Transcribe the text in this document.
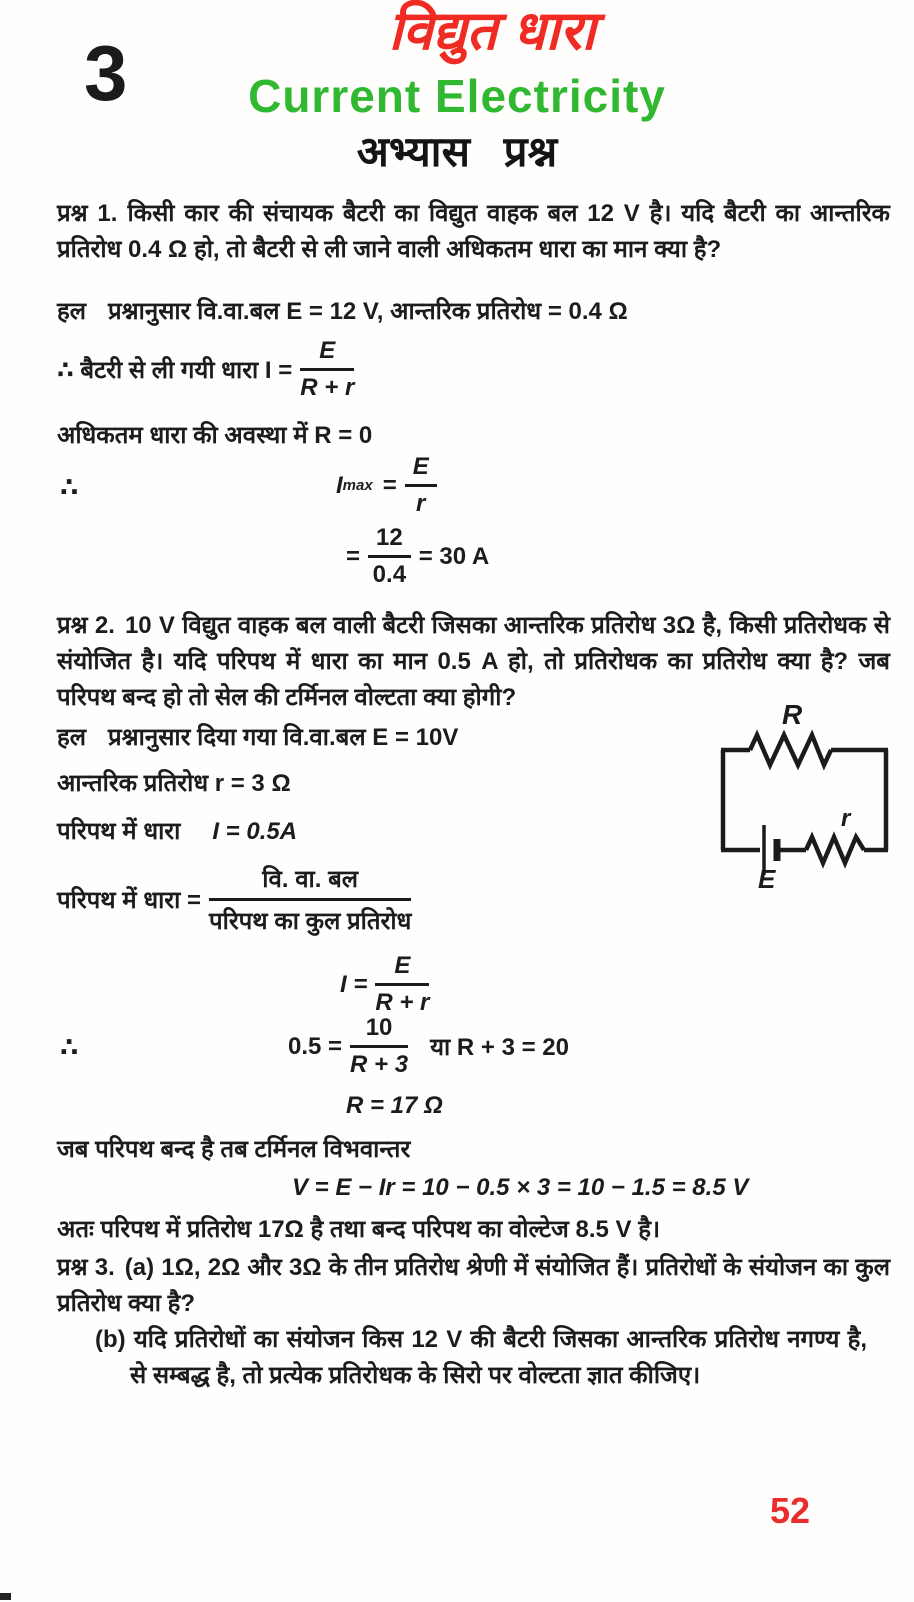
3	विद्युत धारा
Current Electricity
अभ्यास प्रश्न

प्रश्न 1. किसी कार की संचायक बैटरी का विद्युत वाहक बल 12 V है। यदि बैटरी का आन्तरिक प्रतिरोध 0.4 Ω हो, तो बैटरी से ली जाने वाली अधिकतम धारा का मान क्या है?

हल प्रश्नानुसार वि.वा.बल E = 12 V, आन्तरिक प्रतिरोध = 0.4 Ω

∴ बैटरी से ली गयी धारा $I = \frac{E}{R + r}$
अधिकतम धारा की अवस्था में R = 0
∴	I $\max = \frac{E}{r}$
= $\frac{12}{0.4} = 30$ A

प्रश्न 2. 10 V विद्युत वाहक बल वाली बैटरी जिसका आन्तरिक प्रतिरोध 3Ω है, किसी प्रतिरोधक से संयोजित है। यदि परिपथ में धारा का मान 0.5 A हो, तो प्रतिरोधक का प्रतिरोध क्या है? जब परिपथ बन्द हो तो सेल की टर्मिनल वोल्टता क्या होगी?

हल प्रश्नानुसार दिया गया वि.वा.बल E = 10V

आन्तरिक प्रतिरोध r = 3 Ω
परिपथ में धारा I = 0.5A
R
r
E
परिपथ में धारा = $\frac{\text{वि. वा. बल}}{\text{परिपथ का कुल प्रतिरोध}}$
$I = \frac{E}{R + r}$
∴	$0.5 = \frac{10}{R + 3}$ या R + 3 = 20
R = 17 Ω
जब परिपथ बन्द है तब टर्मिनल विभवान्तर
V = E − Ir = 10 − 0.5 × 3 = 10 − 1.5 = 8.5 V
अतः परिपथ में प्रतिरोध 17Ω है तथा बन्द परिपथ का वोल्टेज 8.5 V है।

प्रश्न 3. (a) 1Ω, 2Ω और 3Ω के तीन प्रतिरोध श्रेणी में संयोजित हैं। प्रतिरोधों के संयोजन का कुल प्रतिरोध क्या है?

(b) यदि प्रतिरोधों का संयोजन किस 12 V की बैटरी जिसका आन्तरिक प्रतिरोध नगण्य है, से सम्बद्ध है, तो प्रत्येक प्रतिरोधक के सिरो पर वोल्टता ज्ञात कीजिए।

52
